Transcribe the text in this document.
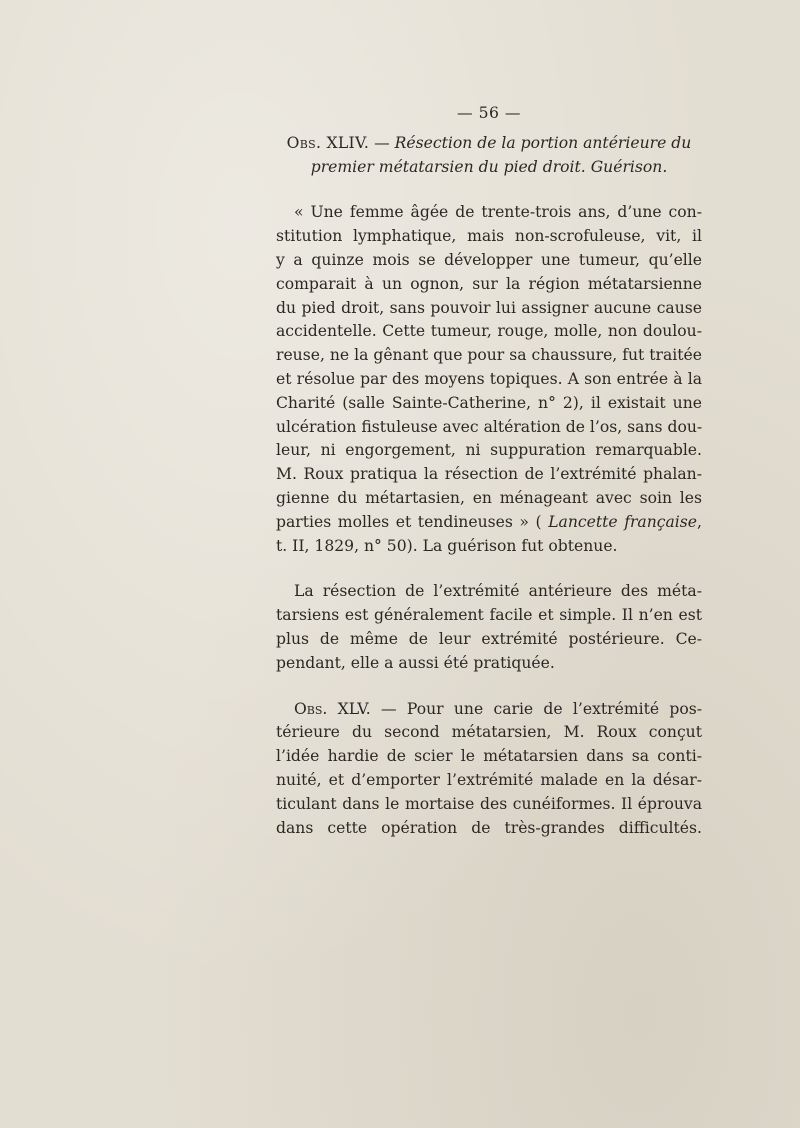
— 56 —

Obs. XLIV. — Résection de la portion antérieure du
premier métatarsien du pied droit. Guérison.

« Une femme âgée de trente-trois ans, d’une con-
stitution lymphatique, mais non-scrofuleuse, vit, il
y a quinze mois se développer une tumeur, qu’elle
comparait à un ognon, sur la région métatarsienne
du pied droit, sans pouvoir lui assigner aucune cause
accidentelle. Cette tumeur, rouge, molle, non doulou-
reuse, ne la gênant que pour sa chaussure, fut traitée
et résolue par des moyens topiques. A son entrée à la
Charité (salle Sainte-Catherine, n° 2), il existait une
ulcération fistuleuse avec altération de l’os, sans dou-
leur, ni engorgement, ni suppuration remarquable.
M. Roux pratiqua la résection de l’extrémité phalan-
gienne du métartasien, en ménageant avec soin les
parties molles et tendineuses » ( Lancette française,
t. II, 1829, n° 50). La guérison fut obtenue.

La résection de l’extrémité antérieure des méta-
tarsiens est généralement facile et simple. Il n’en est
plus de même de leur extrémité postérieure. Ce-
pendant, elle a aussi été pratiquée.

Obs. XLV. — Pour une carie de l’extrémité pos-
térieure du second métatarsien, M. Roux conçut
l’idée hardie de scier le métatarsien dans sa conti-
nuité, et d’emporter l’extrémité malade en la désar-
ticulant dans le mortaise des cunéiformes. Il éprouva
dans cette opération de très-grandes difficultés.
